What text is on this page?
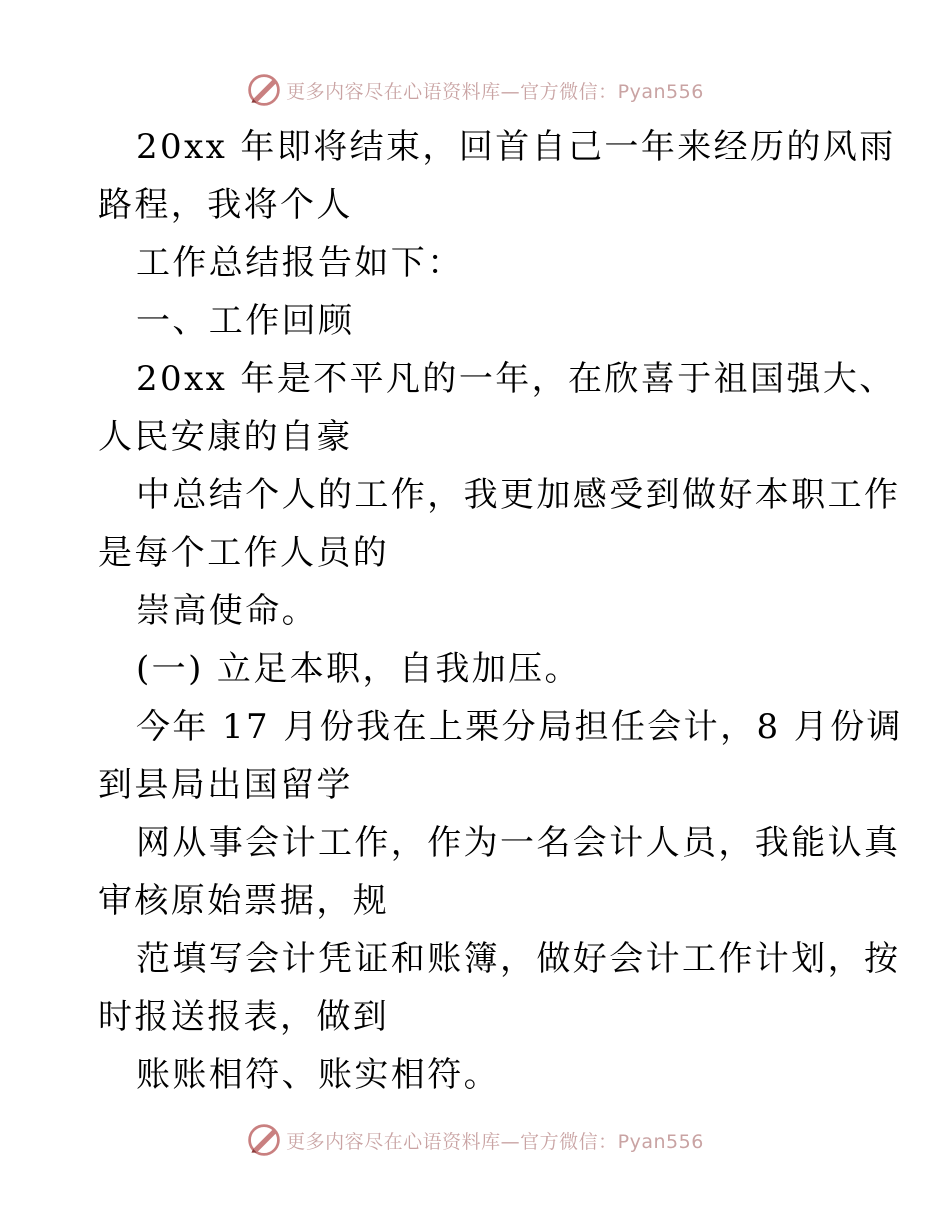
更多内容尽在心语资料库—官方微信：Pyan556
20xx 年即将结束，回首自己一年来经历的风雨
路程，我将个人
工作总结报告如下：
一、工作回顾
20xx 年是不平凡的一年，在欣喜于祖国强大、
人民安康的自豪
中总结个人的工作，我更加感受到做好本职工作
是每个工作人员的
崇高使命。
(一) 立足本职，自我加压。
今年 17 月份我在上栗分局担任会计，8 月份调
到县局出国留学
网从事会计工作，作为一名会计人员，我能认真
审核原始票据，规
范填写会计凭证和账簿，做好会计工作计划，按
时报送报表，做到
账账相符、账实相符。
更多内容尽在心语资料库—官方微信：Pyan556
